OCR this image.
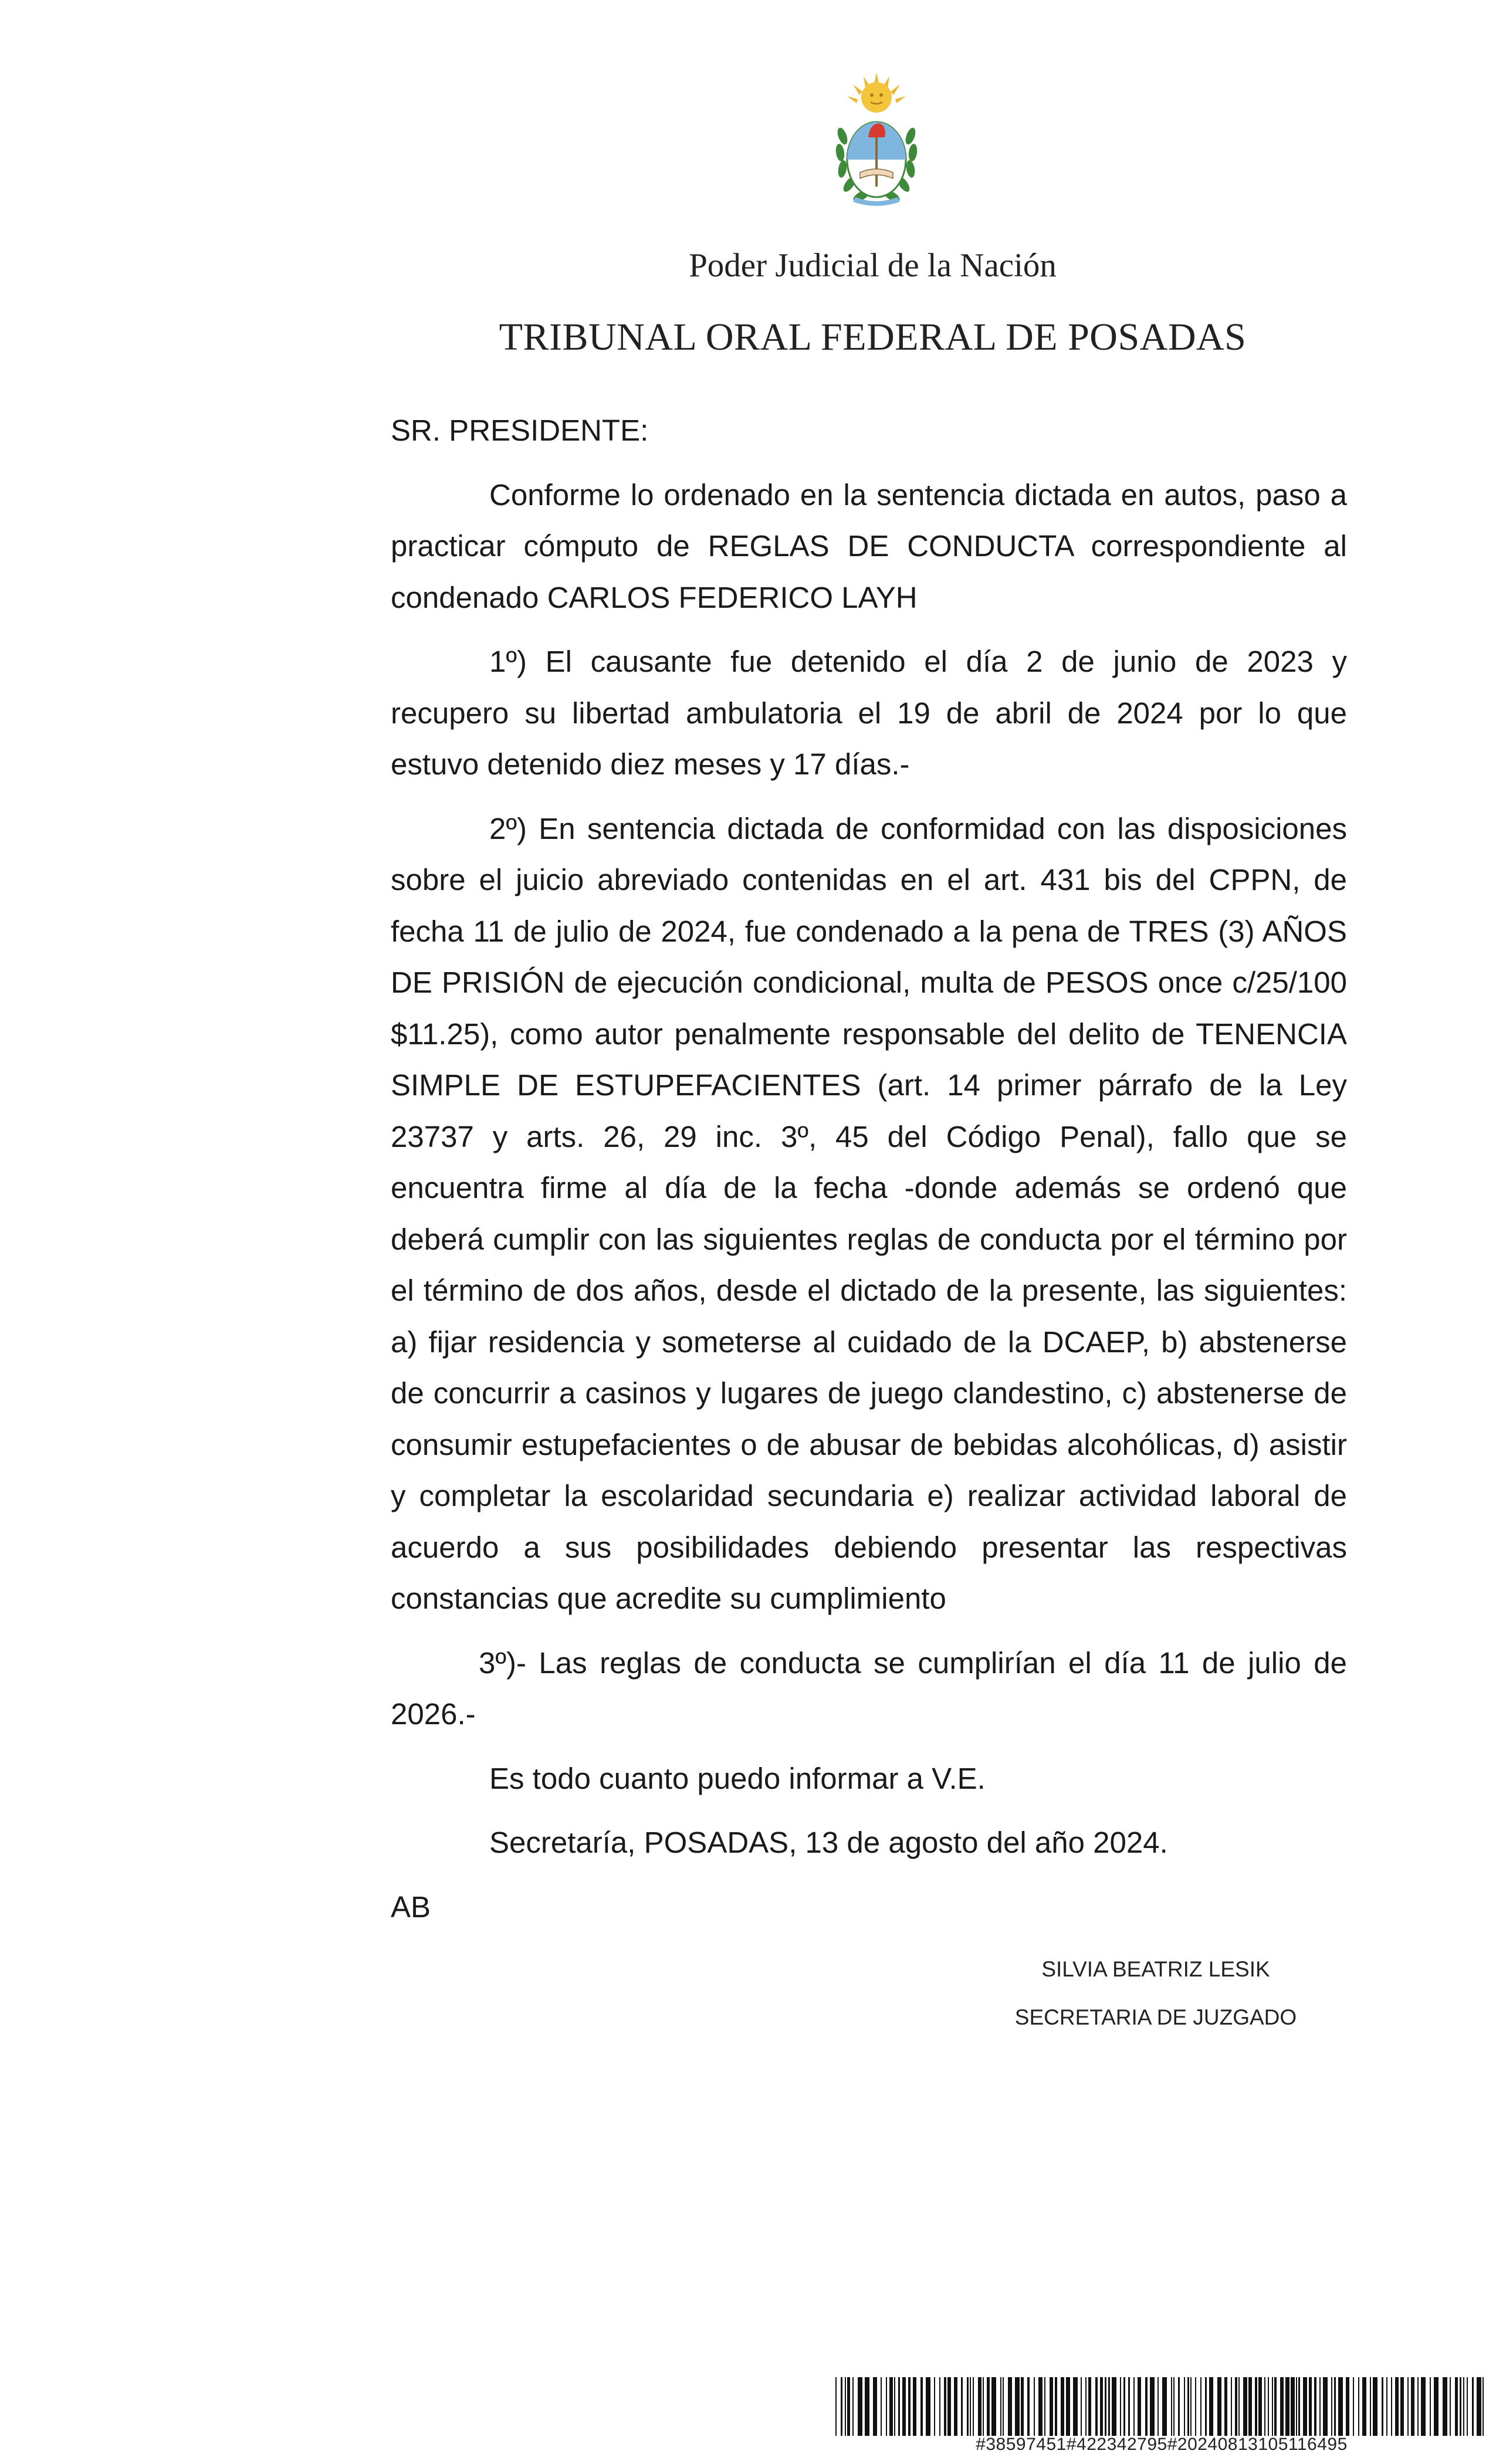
Poder Judicial de la Nación
TRIBUNAL ORAL FEDERAL DE POSADAS

SR. PRESIDENTE:

Conforme lo ordenado en la sentencia dictada en autos, paso a practicar cómputo de REGLAS DE CONDUCTA correspondiente al condenado CARLOS FEDERICO LAYH

1º) El causante fue detenido el día 2 de junio de 2023 y recupero su libertad ambulatoria el 19 de abril de 2024 por lo que estuvo detenido diez meses y 17 días.-

2º) En sentencia dictada de conformidad con las disposiciones sobre el juicio abreviado contenidas en el art. 431 bis del CPPN, de fecha 11 de julio de 2024, fue condenado a la pena de TRES (3) AÑOS DE PRISIÓN de ejecución condicional, multa de PESOS once c/25/100 $11.25), como autor penalmente responsable del delito de TENENCIA SIMPLE DE ESTUPEFACIENTES (art. 14 primer párrafo de la Ley 23737 y arts. 26, 29 inc. 3º, 45 del Código Penal), fallo que se encuentra firme al día de la fecha -donde además se ordenó que deberá cumplir con las siguientes reglas de conducta por el término por el término de dos años, desde el dictado de la presente, las siguientes: a) fijar residencia y someterse al cuidado de la DCAEP, b) abstenerse de concurrir a casinos y lugares de juego clandestino, c) abstenerse de consumir estupefacientes o de abusar de bebidas alcohólicas, d) asistir y completar la escolaridad secundaria e) realizar actividad laboral de acuerdo a sus posibilidades debiendo presentar las respectivas constancias que acredite su cumplimiento

3º)- Las reglas de conducta se cumplirían el día 11 de julio de 2026.-

Es todo cuanto puedo informar a V.E.

Secretaría, POSADAS, 13 de agosto del año 2024.

AB

SILVIA BEATRIZ LESIK
SECRETARIA DE JUZGADO
#38597451#422342795#20240813105116495
